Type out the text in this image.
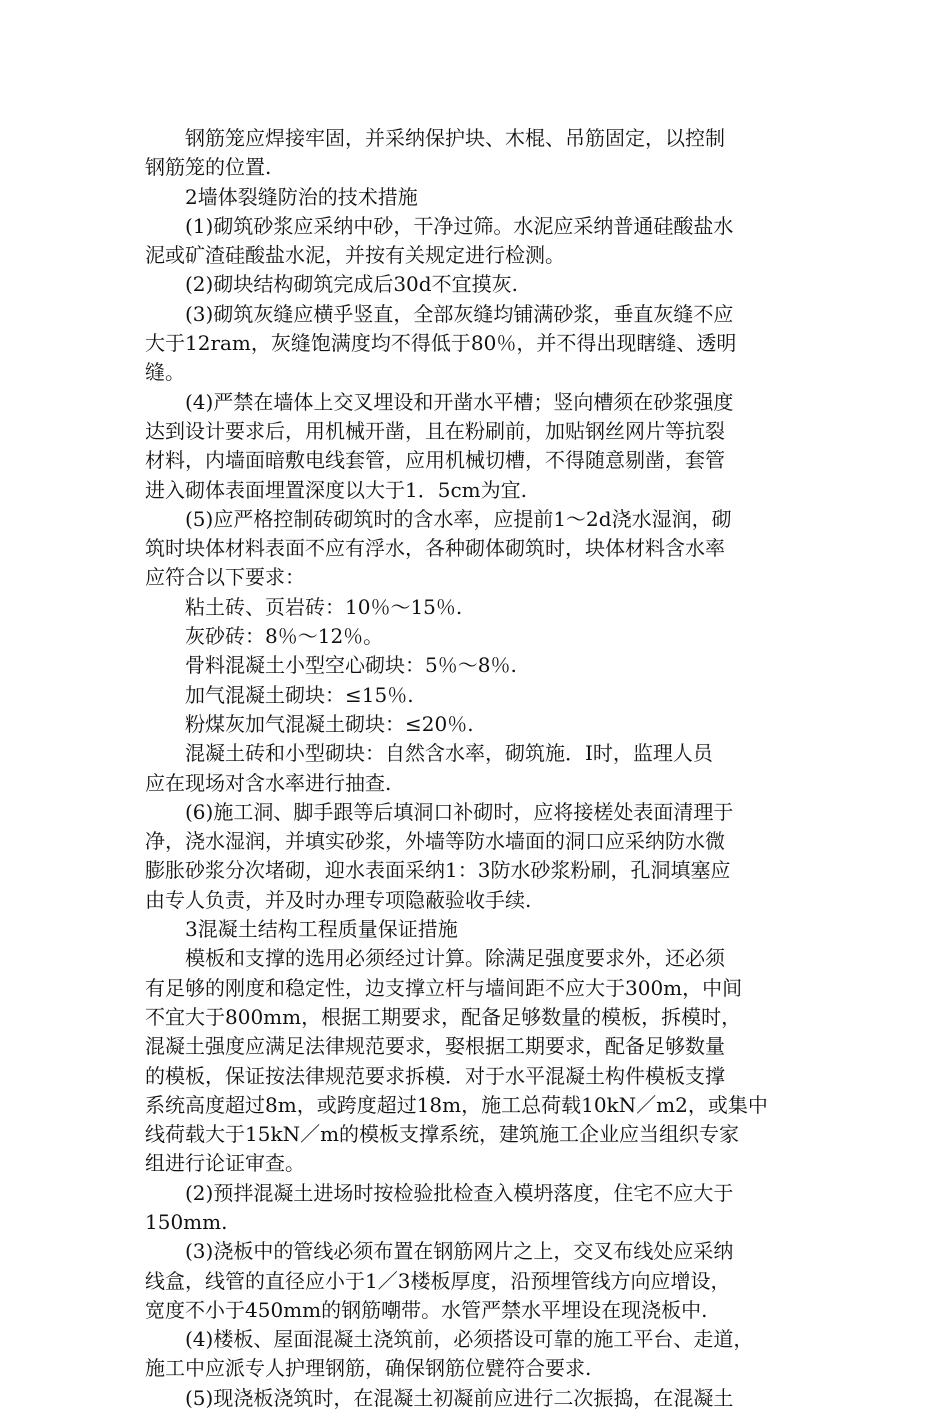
钢筋笼应焊接牢固，并采纳保护块、木棍、吊筋固定，以控制
钢筋笼的位置.
2墙体裂缝防治的技术措施
(1)砌筑砂浆应采纳中砂，干净过筛。水泥应采纳普通硅酸盐水
泥或矿渣硅酸盐水泥，并按有关规定进行检测。
(2)砌块结构砌筑完成后30d不宜摸灰.
(3)砌筑灰缝应横乎竖直，全部灰缝均铺满砂浆，垂直灰缝不应
大于12ram，灰缝饱满度均不得低于80％，并不得出现瞎缝、透明
缝。
(4)严禁在墙体上交叉埋设和开凿水平槽；竖向槽须在砂浆强度
达到设计要求后，用机械开凿，且在粉刷前，加贴钢丝网片等抗裂
材料，内墙面暗敷电线套管，应用机械切槽，不得随意剔凿，套管
进入砌体表面埋置深度以大于1．5cm为宜.
(5)应严格控制砖砌筑时的含水率，应提前1～2d浇水湿润，砌
筑时块体材料表面不应有浮水，各种砌体砌筑时，块体材料含水率
应符合以下要求：
粘土砖、页岩砖：10％～15％.
灰砂砖：8％～12％。
骨料混凝土小型空心砌块：5％～8％.
加气混凝土砌块：≤15％.
粉煤灰加气混凝土砌块：≤20％.
混凝土砖和小型砌块：自然含水率，砌筑施．I时，监理人员
应在现场对含水率进行抽查.
(6)施工洞、脚手跟等后填洞口补砌时，应将接槎处表面清理于
净，浇水湿润，并填实砂浆，外墙等防水墙面的洞口应采纳防水微
膨胀砂浆分次堵砌，迎水表面采纳1：3防水砂浆粉刷，孔洞填塞应
由专人负责，并及时办理专项隐蔽验收手续.
3混凝土结构工程质量保证措施
模板和支撑的选用必须经过计算。除满足强度要求外，还必须
有足够的刚度和稳定性，边支撑立杆与墙间距不应大于300m，中间
不宜大于800mm，根据工期要求，配备足够数量的模板，拆模时，
混凝土强度应满足法律规范要求，娶根据工期要求，配备足够数量
的模板，保证按法律规范要求拆模．对于水平混凝土构件模板支撑
系统高度超过8m，或跨度超过18m，施工总荷载10kN／m2，或集中
线荷载大于15kN／m的模板支撑系统，建筑施工企业应当组织专家
组进行论证审查。
(2)预拌混凝土进场时按检验批检查入模坍落度，住宅不应大于
150mm.
(3)浇板中的管线必须布置在钢筋网片之上，交叉布线处应采纳
线盒，线管的直径应小于1／3楼板厚度，沿预埋管线方向应增设，
宽度不小于450mm的钢筋嘲带。水管严禁水平埋设在现浇板中.
(4)楼板、屋面混凝土浇筑前，必须搭设可靠的施工平台、走道，
施工中应派专人护理钢筋，确保钢筋位甓符合要求.
(5)现浇板浇筑时，在混凝土初凝前应进行二次振捣，在混凝土
